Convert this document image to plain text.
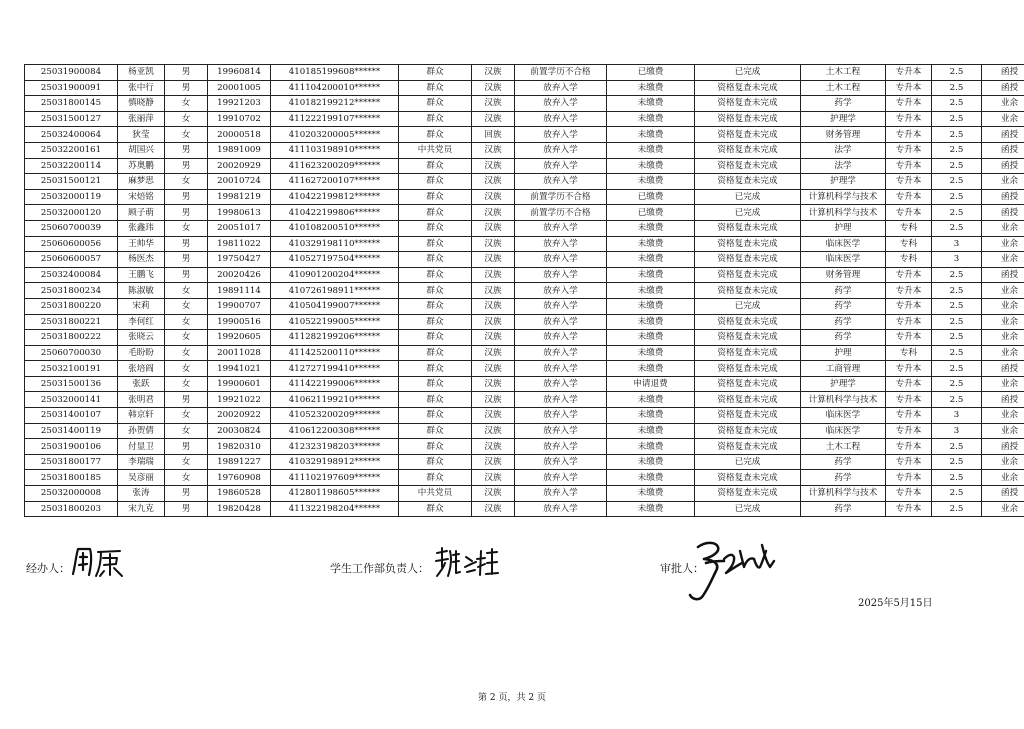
25031900084	杨亚凯	男	19960814	410185199608******	群众	汉族	前置学历不合格	已缴费	已完成	土木工程	专升本	2.5	函授
25031900091	张中行	男	20001005	411104200010******	群众	汉族	放弃入学	未缴费	资格复查未完成	土木工程	专升本	2.5	函授
25031800145	慎晓静	女	19921203	410182199212******	群众	汉族	放弃入学	未缴费	资格复查未完成	药学	专升本	2.5	业余
25031500127	张丽萍	女	19910702	411222199107******	群众	汉族	放弃入学	未缴费	资格复查未完成	护理学	专升本	2.5	业余
25032400064	狄莹	女	20000518	410203200005******	群众	回族	放弃入学	未缴费	资格复查未完成	财务管理	专升本	2.5	函授
25032200161	胡国兴	男	19891009	411103198910******	中共党员	汉族	放弃入学	未缴费	资格复查未完成	法学	专升本	2.5	函授
25032200114	苏奥鹏	男	20020929	411623200209******	群众	汉族	放弃入学	未缴费	资格复查未完成	法学	专升本	2.5	函授
25031500121	麻梦思	女	20010724	411627200107******	群众	汉族	放弃入学	未缴费	资格复查未完成	护理学	专升本	2.5	业余
25032000119	宋焙铭	男	19981219	410422199812******	群众	汉族	前置学历不合格	已缴费	已完成	计算机科学与技术	专升本	2.5	函授
25032000120	顾子萌	男	19980613	410422199806******	群众	汉族	前置学历不合格	已缴费	已完成	计算机科学与技术	专升本	2.5	函授
25060700039	张鑫玮	女	20051017	410108200510******	群众	汉族	放弃入学	未缴费	资格复查未完成	护理	专科	2.5	业余
25060600056	王帅华	男	19811022	410329198110******	群众	汉族	放弃入学	未缴费	资格复查未完成	临床医学	专科	3	业余
25060600057	杨医杰	男	19750427	410527197504******	群众	汉族	放弃入学	未缴费	资格复查未完成	临床医学	专科	3	业余
25032400084	王鹏飞	男	20020426	410901200204******	群众	汉族	放弃入学	未缴费	资格复查未完成	财务管理	专升本	2.5	函授
25031800234	陈淑敏	女	19891114	410726198911******	群众	汉族	放弃入学	未缴费	资格复查未完成	药学	专升本	2.5	业余
25031800220	宋莉	女	19900707	410504199007******	群众	汉族	放弃入学	未缴费	已完成	药学	专升本	2.5	业余
25031800221	李何红	女	19900516	410522199005******	群众	汉族	放弃入学	未缴费	资格复查未完成	药学	专升本	2.5	业余
25031800222	张晓云	女	19920605	411282199206******	群众	汉族	放弃入学	未缴费	资格复查未完成	药学	专升本	2.5	业余
25060700030	毛盼盼	女	20011028	411425200110******	群众	汉族	放弃入学	未缴费	资格复查未完成	护理	专科	2.5	业余
25032100191	张培阎	女	19941021	412727199410******	群众	汉族	放弃入学	未缴费	资格复查未完成	工商管理	专升本	2.5	函授
25031500136	张跃	女	19900601	411422199006******	群众	汉族	放弃入学	申请退费	资格复查未完成	护理学	专升本	2.5	业余
25032000141	张明君	男	19921022	410621199210******	群众	汉族	放弃入学	未缴费	资格复查未完成	计算机科学与技术	专升本	2.5	函授
25031400107	韩京轩	女	20020922	410523200209******	群众	汉族	放弃入学	未缴费	资格复查未完成	临床医学	专升本	3	业余
25031400119	孙贺倩	女	20030824	410612200308******	群众	汉族	放弃入学	未缴费	资格复查未完成	临床医学	专升本	3	业余
25031900106	付显卫	男	19820310	412323198203******	群众	汉族	放弃入学	未缴费	资格复查未完成	土木工程	专升本	2.5	函授
25031800177	李瑞瑞	女	19891227	410329198912******	群众	汉族	放弃入学	未缴费	已完成	药学	专升本	2.5	业余
25031800185	吴彦丽	女	19760908	411102197609******	群众	汉族	放弃入学	未缴费	资格复查未完成	药学	专升本	2.5	业余
25032000008	张涛	男	19860528	412801198605******	中共党员	汉族	放弃入学	未缴费	资格复查未完成	计算机科学与技术	专升本	2.5	函授
25031800203	宋九克	男	19820428	411322198204******	群众	汉族	放弃入学	未缴费	已完成	药学	专升本	2.5	业余
经办人：	学生工作部负责人：	审批人：
2025年5月15日
第 2 页，共 2 页
